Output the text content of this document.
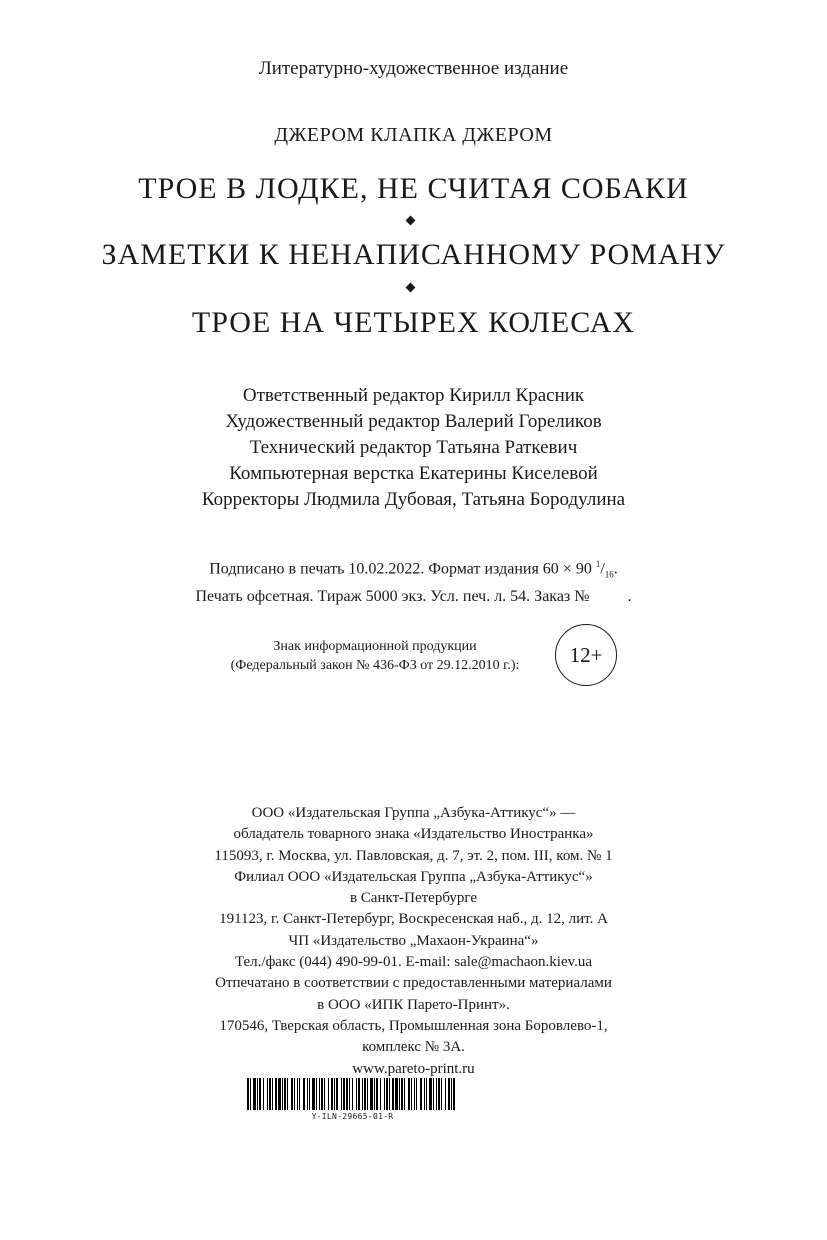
Литературно-художественное издание
ДЖЕРОМ КЛАПКА ДЖЕРОМ
ТРОЕ В ЛОДКЕ, НЕ СЧИТАЯ СОБАКИ
ЗАМЕТКИ К НЕНАПИСАННОМУ РОМАНУ
ТРОЕ НА ЧЕТЫРЕХ КОЛЕСАХ
Ответственный редактор Кирилл Красник
Художественный редактор Валерий Гореликов
Технический редактор Татьяна Раткевич
Компьютерная верстка Екатерины Киселевой
Корректоры Людмила Дубовая, Татьяна Бородулина
Подписано в печать 10.02.2022. Формат издания 60 × 90 $^1/_{16}$.
Печать офсетная. Тираж 5000 экз. Усл. печ. л. 54. Заказ № .
Знак информационной продукции
(Федеральный закон № 436-ФЗ от 29.12.2010 г.):	12+
ООО «Издательская Группа „Азбука-Аттикус“» —
обладатель товарного знака «Издательство Иностранка»
115093, г. Москва, ул. Павловская, д. 7, эт. 2, пом. III, ком. № 1
Филиал ООО «Издательская Группа „Азбука-Аттикус“»
в Санкт-Петербурге
191123, г. Санкт-Петербург, Воскресенская наб., д. 12, лит. А
ЧП «Издательство „Махаон-Украина“»
Тел./факс (044) 490-99-01. E-mail: sale@machaon.kiev.ua
Отпечатано в соответствии с предоставленными материалами
в ООО «ИПК Парето-Принт».
170546, Тверская область, Промышленная зона Боровлево-1,
комплекс № 3А.
www.pareto-print.ru
Y-ILN-29665-01-R
